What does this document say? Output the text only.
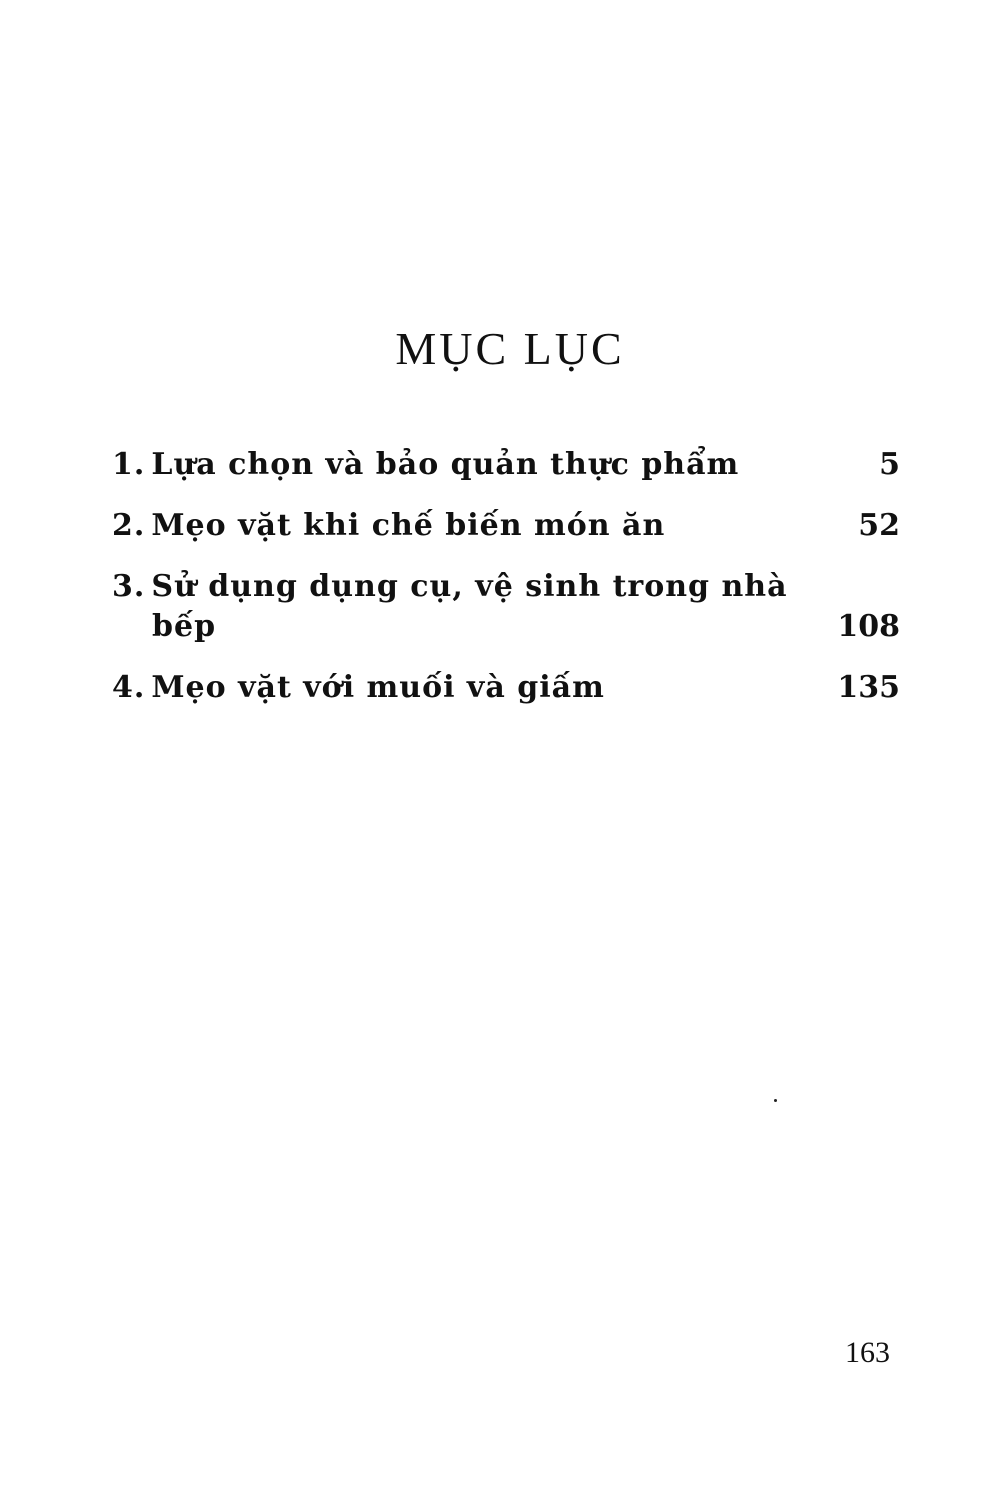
MỤC LỤC
1. Lựa chọn và bảo quản thực phẩm	5
2. Mẹo vặt khi chế biến món ăn	52
3. Sử dụng dụng cụ, vệ sinh trong nhà bếp	108
4. Mẹo vặt với muối và giấm	135
163
